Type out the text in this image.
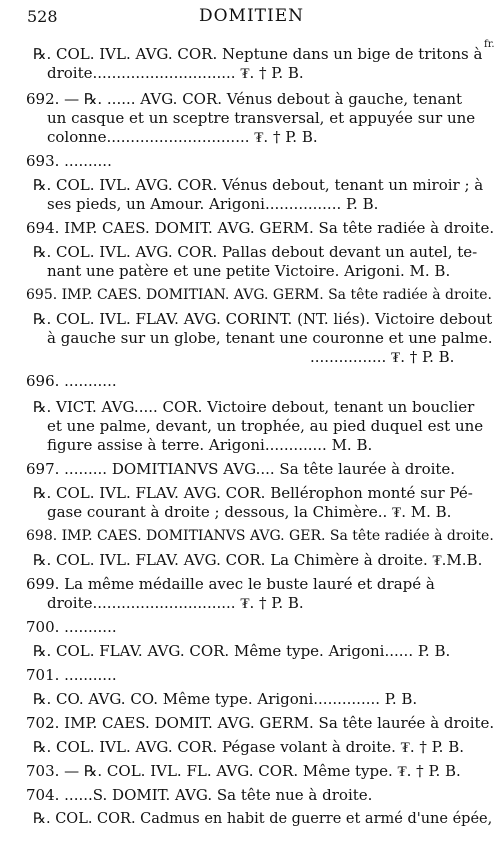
528	DOMITIEN
fr.
℞. COL. IVL. AVG. COR. Neptune dans un bige de tritons à
droite.............................. ₮. † P. B.
692. — ℞. ...... AVG. COR. Vénus debout à gauche, tenant
un casque et un sceptre transversal, et appuyée sur une
colonne.............................. ₮. † P. B.
693. ..........
℞. COL. IVL. AVG. COR. Vénus debout, tenant un miroir ; à
ses pieds, un Amour. Arigoni................ P. B.
694. IMP. CAES. DOMIT. AVG. GERM. Sa tête radiée à droite.
℞. COL. IVL. AVG. COR. Pallas debout devant un autel, te-
nant une patère et une petite Victoire. Arigoni. M. B.
695. IMP. CAES. DOMITIAN. AVG. GERM. Sa tête radiée à droite.
℞. COL. IVL. FLAV. AVG. CORINT. (NT. liés). Victoire debout
à gauche sur un globe, tenant une couronne et une palme.
................ ₮. † P. B.
696. ...........
℞. VICT. AVG..... COR. Victoire debout, tenant un bouclier
et une palme, devant, un trophée, au pied duquel est une
figure assise à terre. Arigoni............. M. B.
697. ......... DOMITIANVS AVG.... Sa tête laurée à droite.
℞. COL. IVL. FLAV. AVG. COR. Bellérophon monté sur Pé-
gase courant à droite ; dessous, la Chimère.. ₮. M. B.
698. IMP. CAES. DOMITIANVS AVG. GER. Sa tête radiée à droite.
℞. COL. IVL. FLAV. AVG. COR. La Chimère à droite. ₮.M.B.
699. La même médaille avec le buste lauré et drapé à
droite.............................. ₮. † P. B.
700. ...........
℞. COL. FLAV. AVG. COR. Même type. Arigoni...... P. B.
701. ...........
℞. CO. AVG. CO. Même type. Arigoni.............. P. B.
702. IMP. CAES. DOMIT. AVG. GERM. Sa tête laurée à droite.
℞. COL. IVL. AVG. COR. Pégase volant à droite. ₮. † P. B.
703. — ℞. COL. IVL. FL. AVG. COR. Même type. ₮. † P. B.
704. ......S. DOMIT. AVG. Sa tête nue à droite.
℞. COL. COR. Cadmus en habit de guerre et armé d'une épée,
